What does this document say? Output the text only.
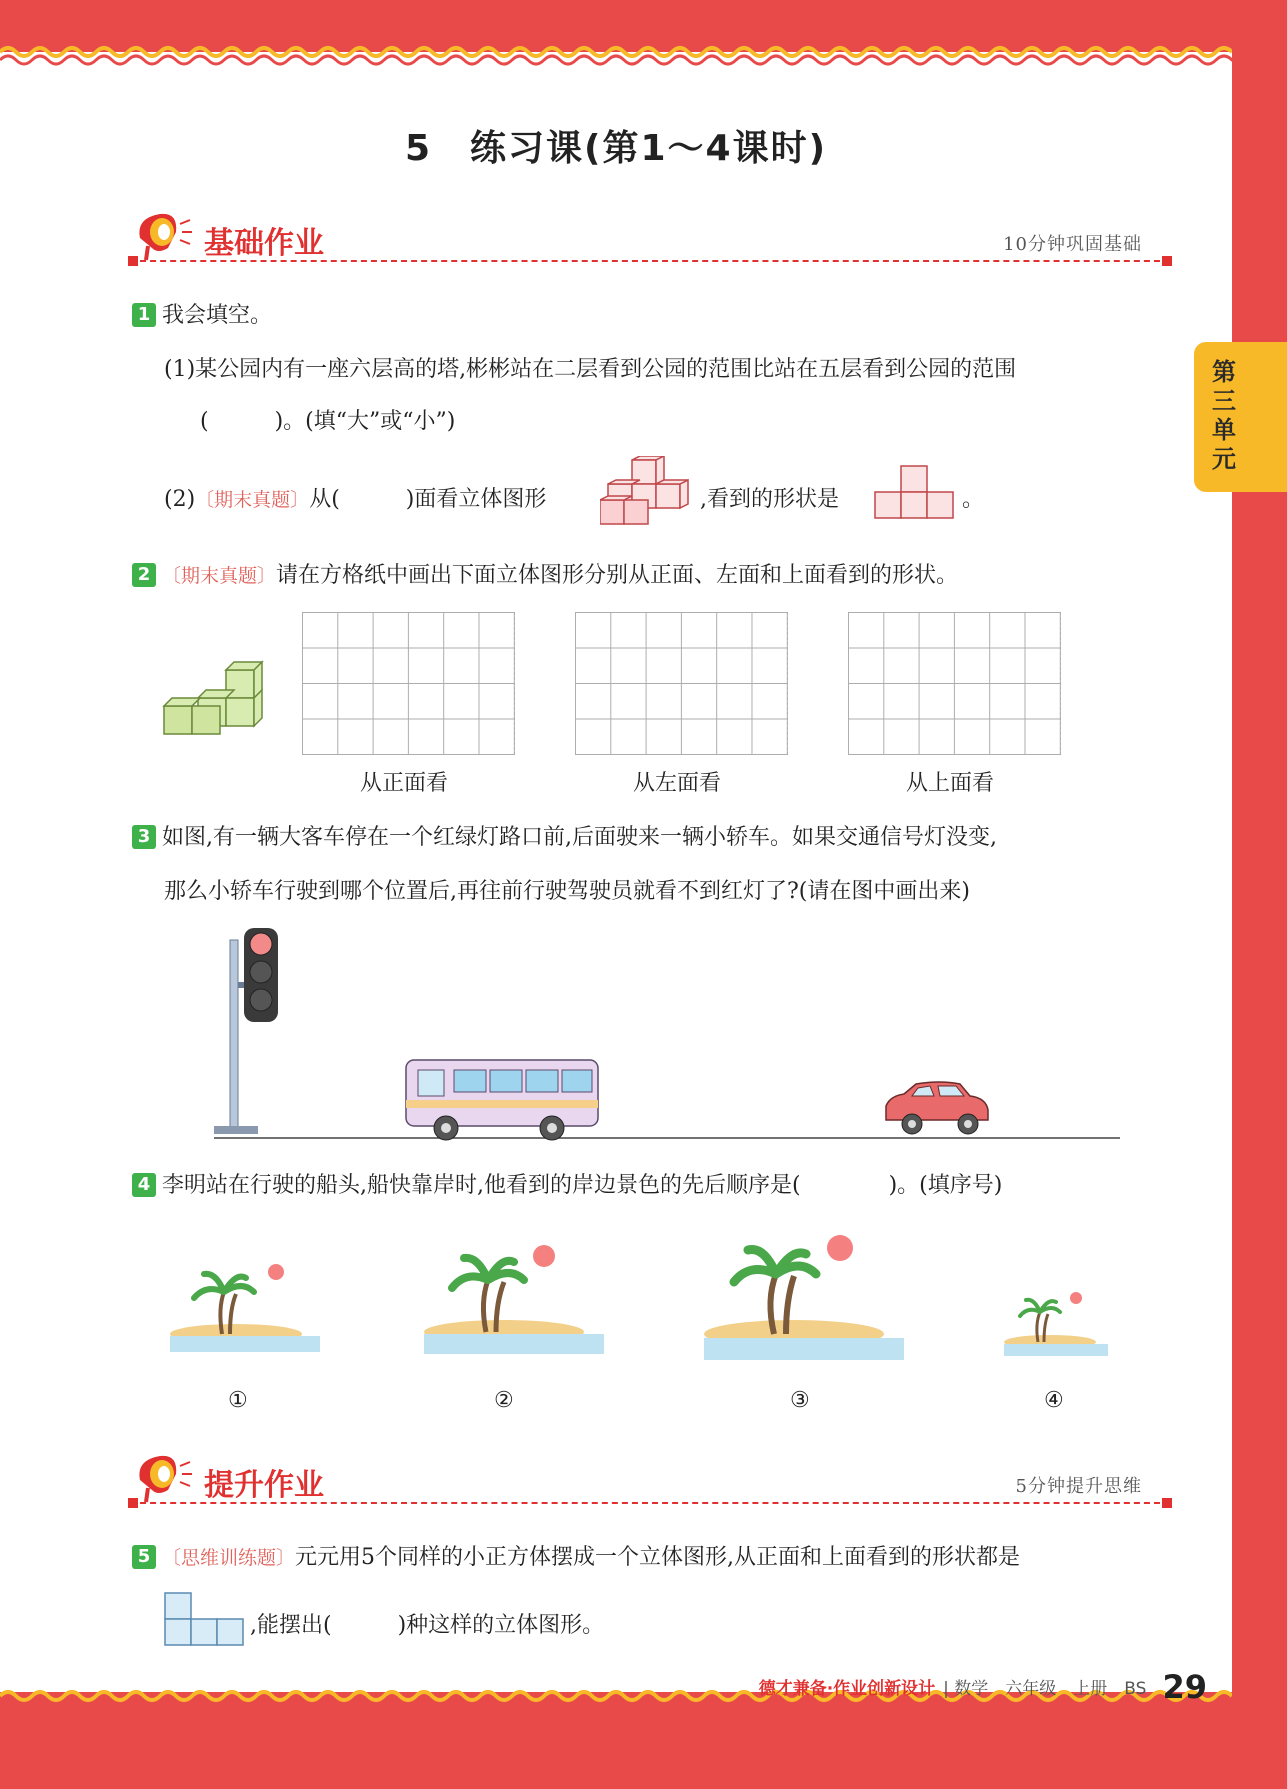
第三单元
5　练习课(第1～4课时)
基础作业	10分钟巩固基础
1 我会填空。
(1)某公园内有一座六层高的塔,彬彬站在二层看到公园的范围比站在五层看到公园的范围
(　　　)。(填“大”或“小”)
(2)〔期末真题〕从(　　　)面看立体图形	,看到的形状是	。
2 〔期末真题〕请在方格纸中画出下面立体图形分别从正面、左面和上面看到的形状。
从正面看	从左面看	从上面看
3 如图,有一辆大客车停在一个红绿灯路口前,后面驶来一辆小轿车。如果交通信号灯没变,
那么小轿车行驶到哪个位置后,再往前行驶驾驶员就看不到红灯了?(请在图中画出来)
4 李明站在行驶的船头,船快靠岸时,他看到的岸边景色的先后顺序是(　　　　)。(填序号)
①	②	③	④
提升作业	5分钟提升思维
5 〔思维训练题〕元元用5个同样的小正方体摆成一个立体图形,从正面和上面看到的形状都是
,能摆出(　　　)种这样的立体图形。
德才兼备·作业创新设计 | 数学　六年级　上册　BS 29
